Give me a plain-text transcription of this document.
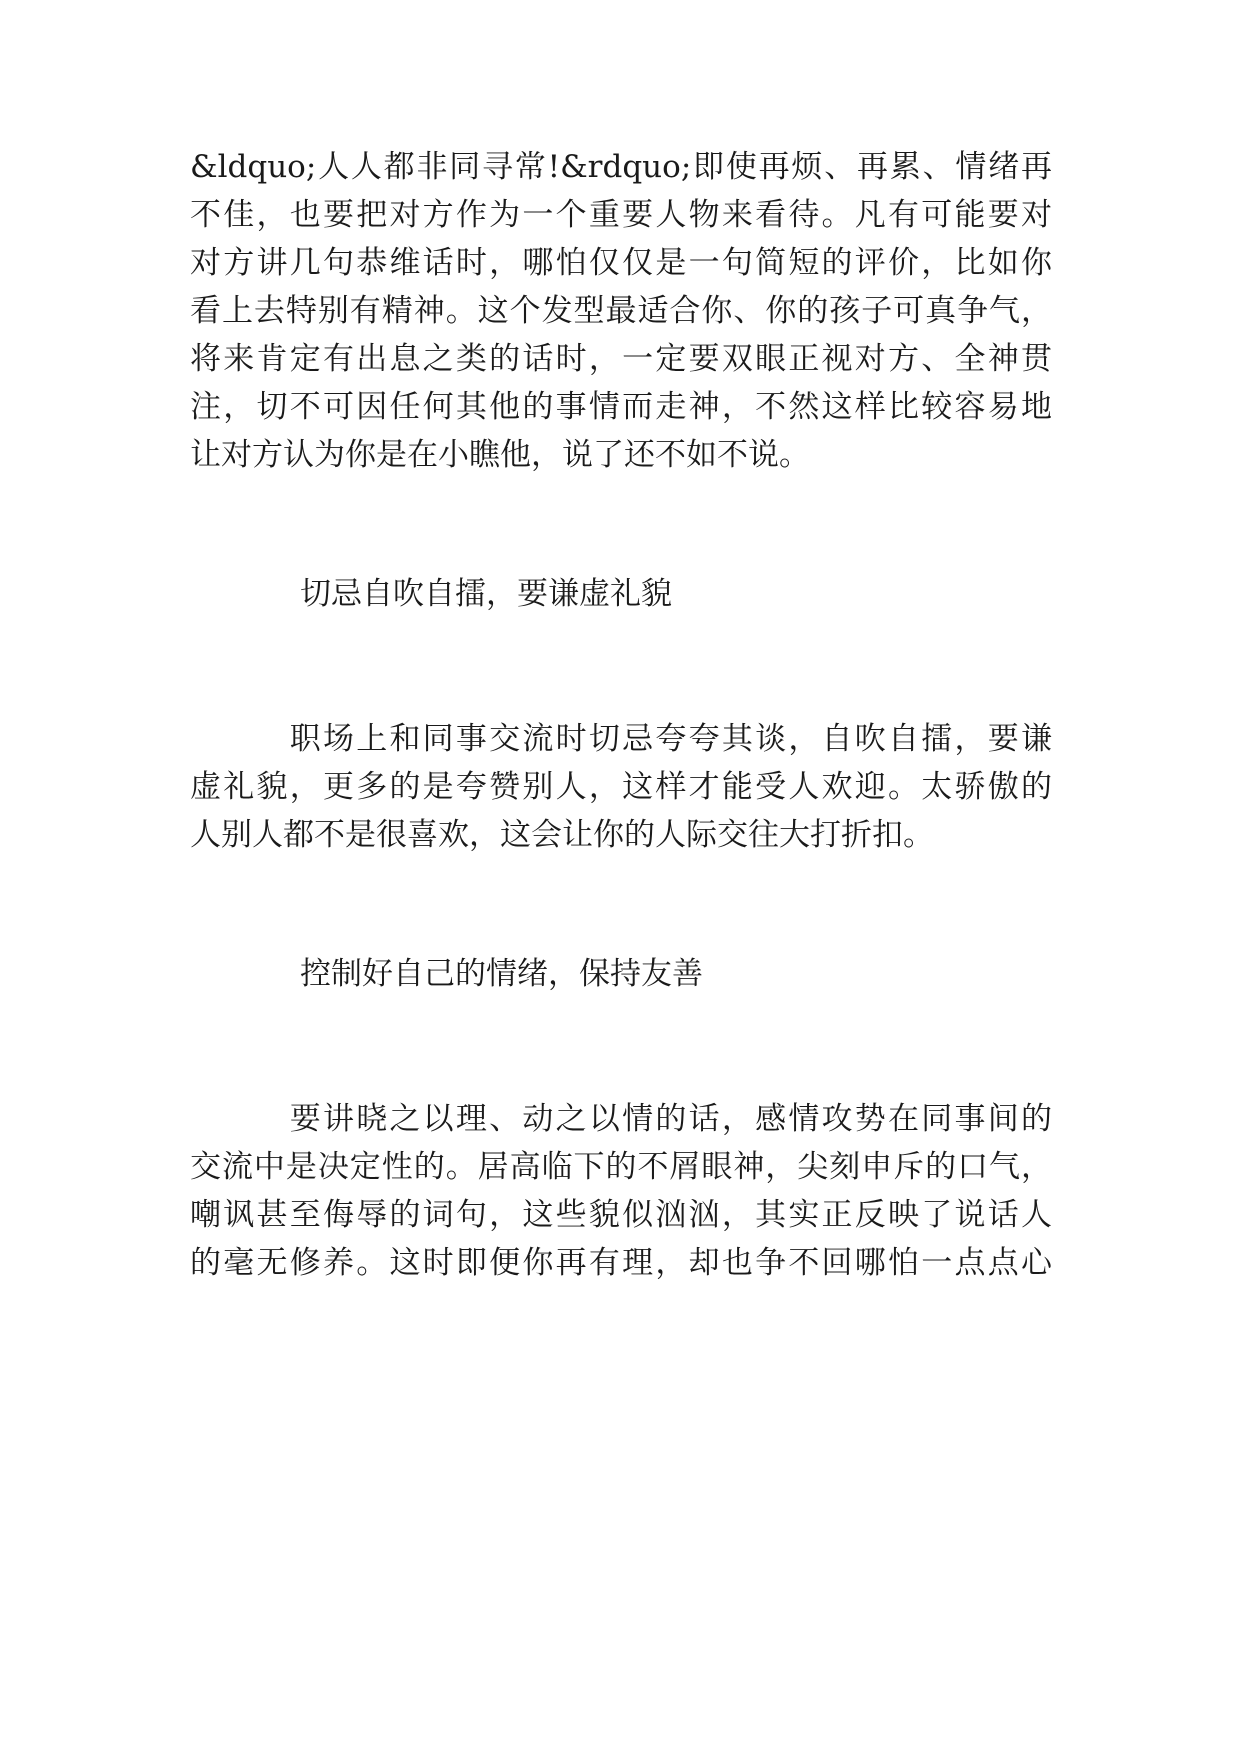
&ldquo;人人都非同寻常!&rdquo;即使再烦、再累、情绪再
不佳，也要把对方作为一个重要人物来看待。凡有可能要对
对方讲几句恭维话时，哪怕仅仅是一句简短的评价，比如你
看上去特别有精神。这个发型最适合你、你的孩子可真争气，
将来肯定有出息之类的话时，一定要双眼正视对方、全神贯
注，切不可因任何其他的事情而走神，不然这样比较容易地
让对方认为你是在小瞧他，说了还不如不说。
切忌自吹自擂，要谦虚礼貌
　　　职场上和同事交流时切忌夸夸其谈，自吹自擂，要谦
虚礼貌，更多的是夸赞别人，这样才能受人欢迎。太骄傲的
人别人都不是很喜欢，这会让你的人际交往大打折扣。
控制好自己的情绪，保持友善
　　　要讲晓之以理、动之以情的话，感情攻势在同事间的
交流中是决定性的。居高临下的不屑眼神，尖刻申斥的口气，
嘲讽甚至侮辱的词句，这些貌似汹汹，其实正反映了说话人
的毫无修养。这时即便你再有理，却也争不回哪怕一点点心
